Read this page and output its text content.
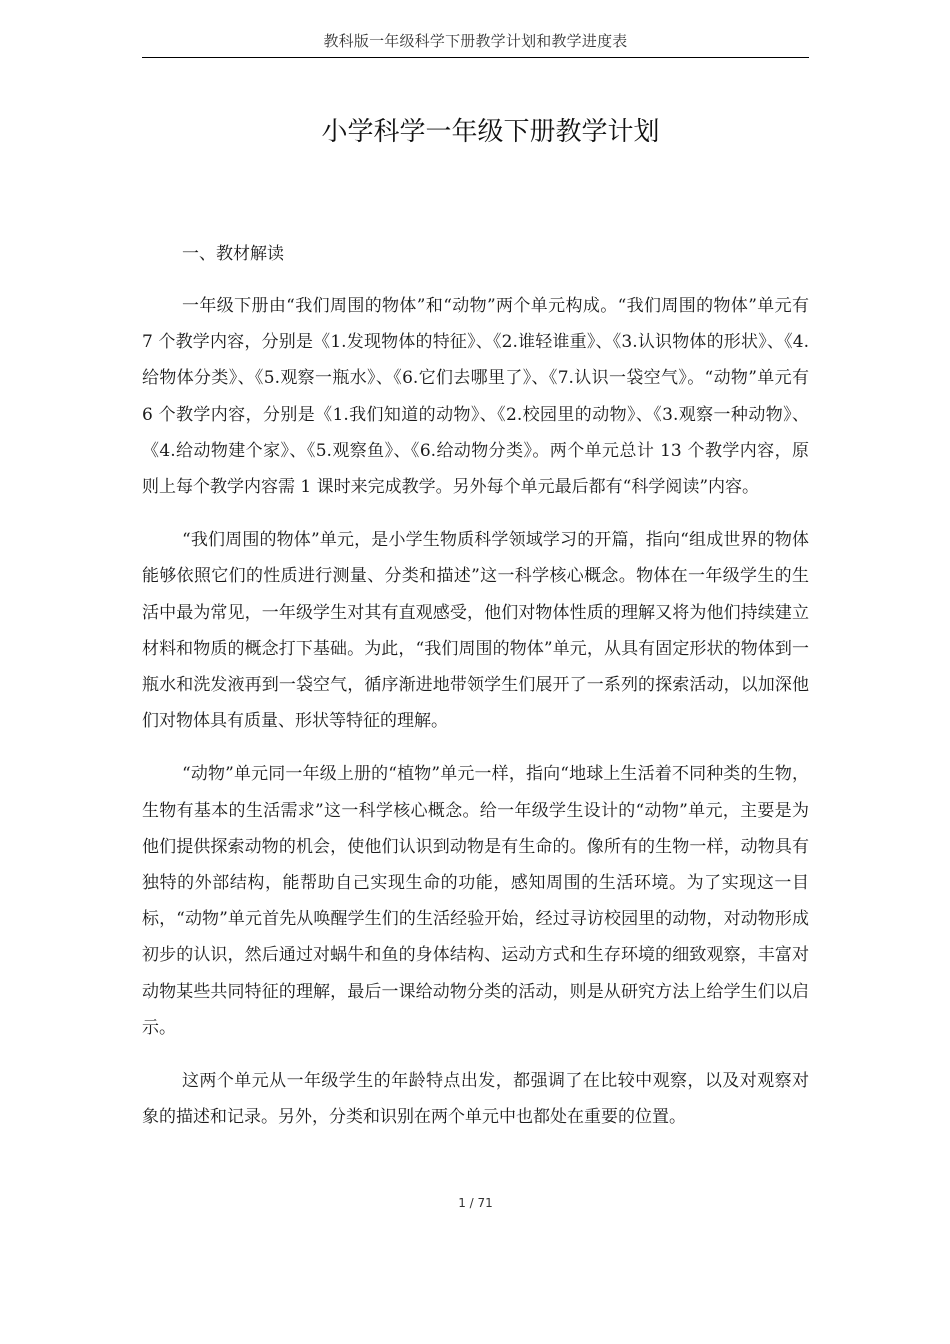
教科版一年级科学下册教学计划和教学进度表
小学科学一年级下册教学计划
一、教材解读

一年级下册由“我们周围的物体”和“动物”两个单元构成。“我们周围的物体”单元有 7 个教学内容，分别是《1.发现物体的特征》、《2.谁轻谁重》、《3.认识物体的形状》、《4.给物体分类》、《5.观察一瓶水》、《6.它们去哪里了》、《7.认识一袋空气》。“动物”单元有 6 个教学内容，分别是《1.我们知道的动物》、《2.校园里的动物》、《3.观察一种动物》、《4.给动物建个家》、《5.观察鱼》、《6.给动物分类》。两个单元总计 13 个教学内容，原则上每个教学内容需 1 课时来完成教学。另外每个单元最后都有“科学阅读”内容。

“我们周围的物体”单元，是小学生物质科学领域学习的开篇，指向“组成世界的物体能够依照它们的性质进行测量、分类和描述”这一科学核心概念。物体在一年级学生的生活中最为常见，一年级学生对其有直观感受，他们对物体性质的理解又将为他们持续建立材料和物质的概念打下基础。为此，“我们周围的物体”单元，从具有固定形状的物体到一瓶水和洗发液再到一袋空气，循序渐进地带领学生们展开了一系列的探索活动，以加深他们对物体具有质量、形状等特征的理解。

“动物”单元同一年级上册的“植物”单元一样，指向“地球上生活着不同种类的生物，生物有基本的生活需求”这一科学核心概念。给一年级学生设计的“动物”单元，主要是为他们提供探索动物的机会，使他们认识到动物是有生命的。像所有的生物一样，动物具有独特的外部结构，能帮助自己实现生命的功能，感知周围的生活环境。为了实现这一目标，“动物”单元首先从唤醒学生们的生活经验开始，经过寻访校园里的动物，对动物形成初步的认识，然后通过对蜗牛和鱼的身体结构、运动方式和生存环境的细致观察，丰富对动物某些共同特征的理解，最后一课给动物分类的活动，则是从研究方法上给学生们以启示。

这两个单元从一年级学生的年龄特点出发，都强调了在比较中观察，以及对观察对象的描述和记录。另外，分类和识别在两个单元中也都处在重要的位置。

1 / 71
